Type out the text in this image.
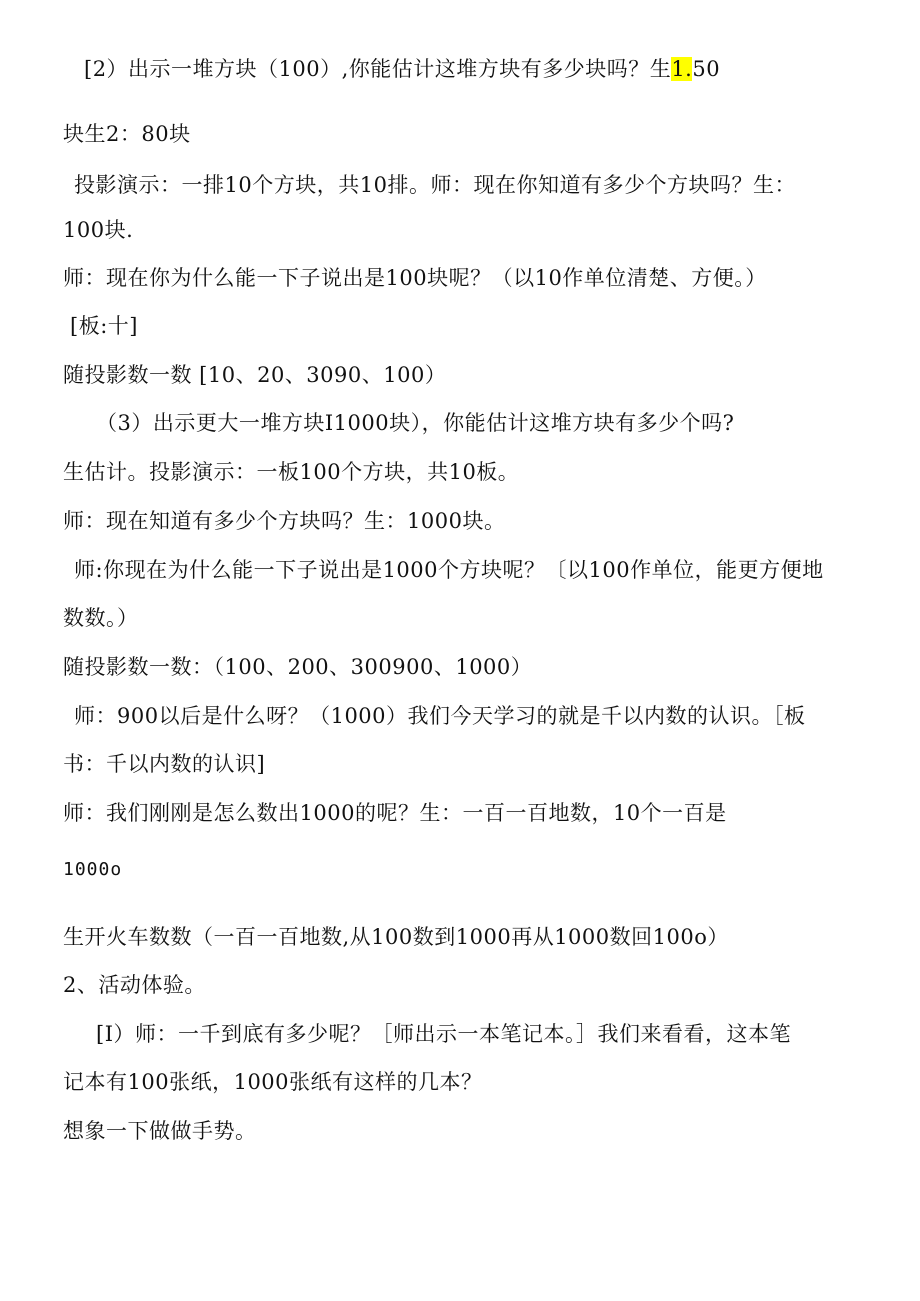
[2）出示一堆方块（100）,你能估计这堆方块有多少块吗？生1.50
块生2：80块
投影演示：一排10个方块，共10排。师：现在你知道有多少个方块吗？生：
100块.
师：现在你为什么能一下子说出是100块呢？（以10作单位清楚、方便。）
[板:十]
随投影数一数 [10、20、3090、100）
（3）出示更大一堆方块I1000块），你能估计这堆方块有多少个吗?
生估计。投影演示：一板100个方块，共10板。
师：现在知道有多少个方块吗？生：1000块。
师:你现在为什么能一下子说出是1000个方块呢？〔以100作单位，能更方便地
数数。）
随投影数一数：（100、200、300900、1000）
师：900以后是什么呀？（1000）我们今天学习的就是千以内数的认识。［板
书：千以内数的认识]
师：我们刚刚是怎么数出1000的呢？生：一百一百地数，10个一百是
1000o
生开火车数数（一百一百地数,从100数到1000再从1000数回100o）
2、活动体验。
[I）师：一千到底有多少呢？［师出示一本笔记本。］我们来看看，这本笔
记本有100张纸，1000张纸有这样的几本？
想象一下做做手势。
